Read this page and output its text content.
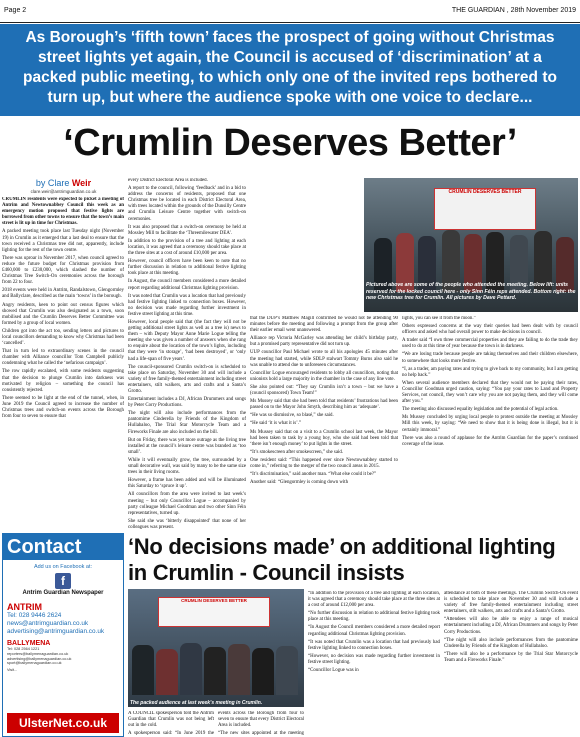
Page 2	THE GUARDIAN , 28th November 2019
As Borough’s ‘fifth town’ faces the prospect of going without Christmas street lights yet again, the Council is accused of ‘discrimination’ at a packed public meeting, to which only one of the invited reps bothered to turn up, but where the audience spoke with one voice to declare...
‘Crumlin Deserves Better’
by Clare Weir
clare.weir@antrimguardian.co.uk

CRUMLIN residents were expected to picket a meeting of Antrim and Newtownabbey Council this week as an emergency motion proposed that festive lights are borrowed from other towns to ensure that the town’s main street is lit up in time for Christmas.

A packed meeting took place last Tuesday night (November 19) in Crumlin as it emerged that a last deal to ensure that the town received a Christmas tree did not, apparently, include lighting for the rest of the town centre.

There was uproar in November 2017, when council agreed to reduce the future budget for Christmas provision from £460,000 to £230,000, which slashed the number of Christmas Tree Switch-On ceremonies across the borough from 22 to four.

2018 events were held in Antrim, Randalstown, Glengormley and Ballyclare, described as the main ‘towns’ in the borough.

Angry residents, keen to point out census figures which showed that Crumlin was also designated as a town, soon mobilised and the Crumlin Deserves Better Committee was formed by a group of local women.

Children got into the act too, sending letters and pictures to local councillors demanding to know why Christmas had been ‘cancelled’.

That in turn led to extraordinary scenes in the council chamber with Alliance councillor Tom Campbell publicly condemning what he called the ‘nefarious campaign’.

The row rapidly escalated, with some residents suggesting that the decision to plunge Crumlin into darkness was motivated by religion – something the council has consistently rejected.

There seemed to be light at the end of the tunnel, when, in June 2019 the Council agreed to increase the number of Christmas trees and switch-on events across the Borough from four to seven to ensure that

every District Electoral Area is included.

A report to the council, following ‘feedback’ and in a bid to address the concerns of residents, proposed that one Christmas tree be located in each District Electoral Area, with trees located within the grounds of the Dunsilly Centre and Crumlin Leisure Centre together with switch-on ceremonies.

It was also proposed that a switch-on ceremony be held at Mossley Mill to facilitate the ‘Threemilewater DEA’.

In addition to the provision of a tree and lighting at each location, it was agreed that a ceremony should take place at the three sites at a cost of around £10,000 per area.

However, council officers have been keen to note that no further discussion in relation to additional festive lighting took place at this meeting.

In August, the council members considered a more detailed report regarding additional Christmas lighting provision.

It was noted that Crumlin was a location that had previously had festive lighting linked to connection boxes. However, no decision was made regarding further investment in festive street lighting at this time.

However, local people said that (the fact they will not be getting additional street lights as well as a tree is) news to them – with Deputy Mayor Anne Marie Logue telling the meeting she was given a number of answers when she rang to enquire about the location of the town’s lights, including that they were ‘in storage’, ‘had been destroyed’, or ‘only had a life-span of five years’.

The council-sponsored Crumlin switch-on is scheduled to take place on Saturday, November 30 and will include a variety of free family-themed entertainment including street entertainers, stilt walkers, arts and crafts and a Santa’s Grotto.

Entertainment includes a DJ, African Drummers and songs by Peter Corry Productions.

The night will also include performances from the pantomime Cinderella by Friends of the Kingdom of Hullabaloo, The Trial Star Motorcycle Team and a Fireworks Finale are also included on the bill.

But on Friday, there was yet more outrage as the living tree installed at the council’s leisure centre was branded as ‘too small’.

While it will eventually grow, the tree, surrounded by a small decorative wall, was said by many to be the same size trees in their living rooms.

However, a frame has been added and will be illuminated this Saturday to ‘spruce it up’.

All councillors from the area were invited to last week’s meeting – but only Councillor Logue – accompanied by party colleague Michael Goodman and two other Sinn Féin representatives, turned up.

She said she was ‘bitterly disappointed’ that none of her colleagues was present.

that the DUP’s Matthew Magill confirmed he would not be attending 90 minutes before the meeting and following a prompt from the group after their earlier email went unanswered.

Alliance rep Victoria McGarley was attending her child’s birthday party, but a promised party representative did not turn up.

UUP councillor Paul Michael wrote to all his apologies 45 minutes after the meeting had started, while SDLP stalwart Tommy Burns also said he was unable to attend due to unforeseen circumstances.

Councillor Logue encouraged residents to lobby all councillors, noting that unionists hold a large majority in the chamber in the case of any line vote.

She also pointed out: “They say Crumlin isn’t a town – but we have a (council sponsored) Town Team!”

Ms Mussey said that she had been told that residents’ frustrations had been passed on to the Mayor John Smyth, describing him as ‘adequate’.

“He was so dismissive, so blasé,” she said.

“He said ‘it is what it is’.”

Ms Mussey said that on a visit to a Crumlin school last week, the Mayor had been taken to task by a young boy, who she said had been told that ‘there isn’t enough money’ to put lights in the street.

“It’s smokescreen after smokescreen,” she said.

One resident said: “This happened ever since Newtownabbey started to come in,” referring to the merger of the two council areas in 2015.

“It’s discrimination,” said another man. “What else could it be?”

Another said: “Glengormley is coming down with

lights, you can see it from the moon.”

Others expressed concerns at the way their queries had been dealt with by council officers and asked who had overall power to make decisions in council.

A trader said “I own three commercial properties and they are failing to do the trade they used to do at this time of year because the town is in darkness.

“We are losing trade because people are taking themselves and their children elsewhere, to somewhere that looks more festive.

“I, as a trader, am paying rates and trying to give back to my community, but I am getting no help back.”

When several audience members declared that they would not be paying their rates, Councillor Goodman urged caution, saying: “You pay your rates to Land and Property Services, not council, they won’t care why you are not paying them, and they will come after you.”

The meeting also discussed equality legislation and the potential of legal action.

Ms Mussey concluded by urging local people to protest outside the meeting at Mossley Mill this week, by saying: “We need to show that it is being done is illegal, but it is certainly immoral.”

There was also a round of applause for the Antrim Guardian for the paper’s continued coverage of the issue.

CRUMLIN DESERVES BETTER
Pictured above are some of the people who attended the meeting. Below lift: units reserved for the locked council here - only Sinn Féin reps attended. Bottom right: the new Christmas tree for Crumlin. All pictures by Dave Pettard.
Contact us...
Add us on Facebook at:
f
Antrim Guardian Newspaper
ANTRIM
Tel: 028 9446 2624
news@antrimguardian.co.uk
advertising@antrimguardian.co.uk
BALLYMENA
Tel: 028 2564 1221
reporters@ballymenaguardian.co.uk
advertising@ballymenaguardian.co.uk
sport@ballymenaguardian.co.uk
Visit...
UlsterNet.co.uk
‘No decisions made’ on additional lighting in Crumlin - Council insists
CRUMLIN DESERVES BETTER
The packed audience at last week’s meeting in Crumlin.

A COUNCIL spokesperson told the Antrim Guardian that Crumlin was not being left out in the cold.

A spokesperson said: “In June 2019 the

events across the Borough from four to seven to ensure that every District Electoral Area is included.

“The new sites appointed at the meeting

“In addition to the provision of a tree and lighting at each location, it was agreed that a ceremony should take place at the three sites at a cost of around £12,000 per area.

“No further discussion in relation to additional festive lighting took place at this meeting.

“In August the Council members considered a more detailed report regarding additional Christmas lighting provision.

“It was noted that Crumlin was a location that had previously had festive lighting linked to connection boxes.

“However, no decision was made regarding further investment in festive street lighting.

“Councillor Logue was in

attendance at both of these meetings. The Crumlin Switch-On event is scheduled to take place on November 30 and will include a variety of free family-themed entertainment including street entertainers, stilt walkers, arts and crafts and a Santa’s Grotto.

“Attendees will also be able to enjoy a range of musical entertainment including a DJ, African Drummers and songs by Peter Corry Productions.

“The night will also include performances from the pantomime Cinderella by Friends of the Kingdom of Hullabaloo.

“There will also be a performance by the Trial Star Motorcycle Team and a Fireworks Finale.”
